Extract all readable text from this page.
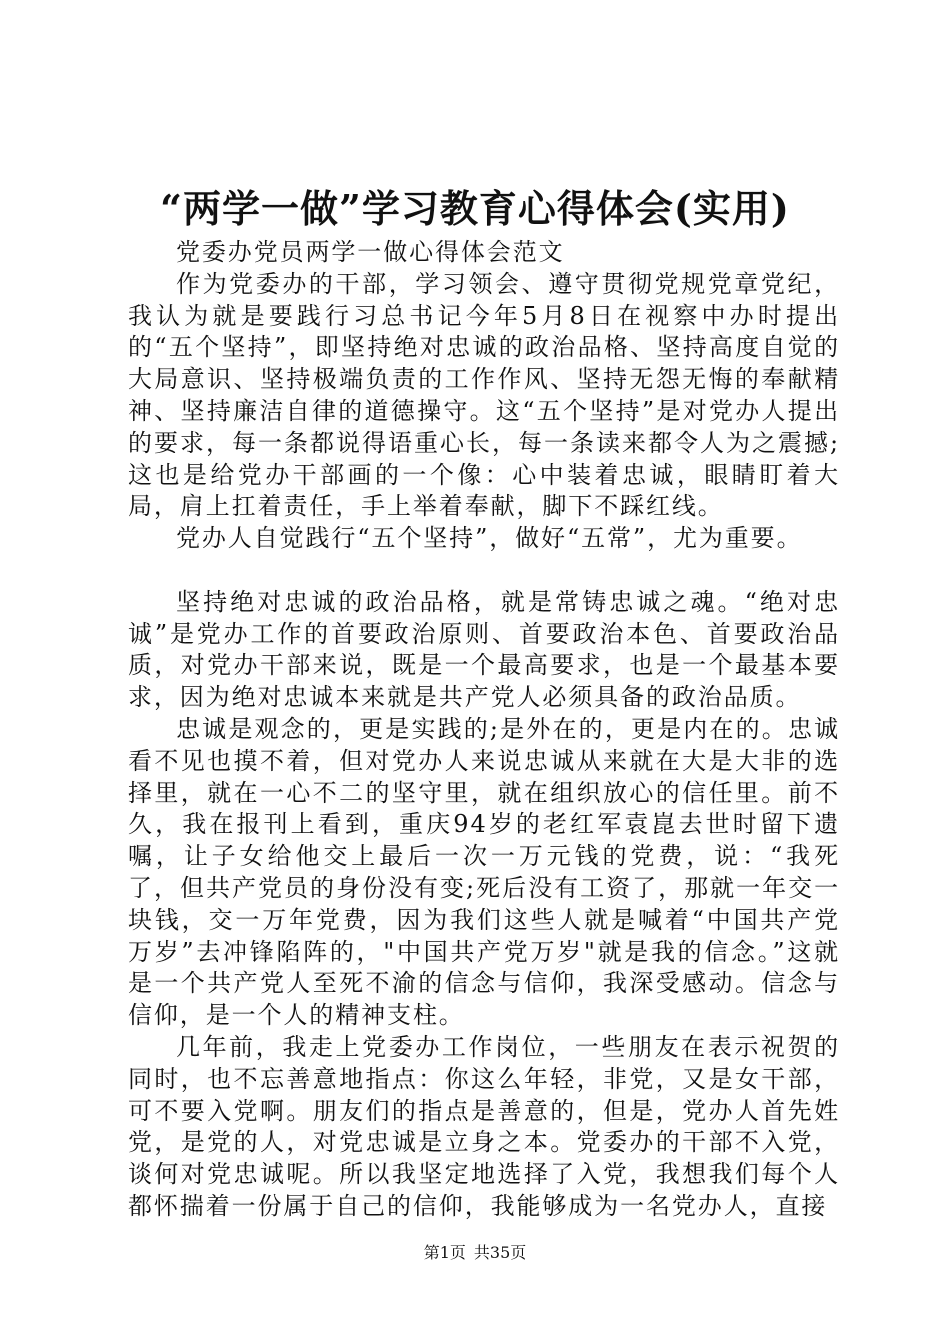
“两学一做”学习教育心得体会(实用)

党委办党员两学一做心得体会范文

作为党委办的干部，学习领会、遵守贯彻党规党章党纪，我认为就是要践行习总书记今年5月8日在视察中办时提出的“五个坚持”，即坚持绝对忠诚的政治品格、坚持高度自觉的大局意识、坚持极端负责的工作作风、坚持无怨无悔的奉献精神、坚持廉洁自律的道德操守。这“五个坚持”是对党办人提出的要求，每一条都说得语重心长，每一条读来都令人为之震撼;这也是给党办干部画的一个像：心中装着忠诚，眼睛盯着大局，肩上扛着责任，手上举着奉献，脚下不踩红线。

党办人自觉践行“五个坚持”，做好“五常”，尤为重要。

坚持绝对忠诚的政治品格，就是常铸忠诚之魂。“绝对忠诚”是党办工作的首要政治原则、首要政治本色、首要政治品质，对党办干部来说，既是一个最高要求，也是一个最基本要求，因为绝对忠诚本来就是共产党人必须具备的政治品质。

忠诚是观念的，更是实践的;是外在的，更是内在的。忠诚看不见也摸不着，但对党办人来说忠诚从来就在大是大非的选择里，就在一心不二的坚守里，就在组织放心的信任里。前不久，我在报刊上看到，重庆94岁的老红军袁崑去世时留下遗嘱，让子女给他交上最后一次一万元钱的党费，说：“我死了，但共产党员的身份没有变;死后没有工资了，那就一年交一块钱，交一万年党费，因为我们这些人就是喊着“中国共产党万岁”去冲锋陷阵的，"中国共产党万岁"就是我的信念。”这就是一个共产党人至死不渝的信念与信仰，我深受感动。信念与信仰，是一个人的精神支柱。

几年前，我走上党委办工作岗位，一些朋友在表示祝贺的同时，也不忘善意地指点：你这么年轻，非党，又是女干部，可不要入党啊。朋友们的指点是善意的，但是，党办人首先姓党，是党的人，对党忠诚是立身之本。党委办的干部不入党，谈何对党忠诚呢。所以我坚定地选择了入党，我想我们每个人都怀揣着一份属于自己的信仰，我能够成为一名党办人，直接

第1页 共35页
